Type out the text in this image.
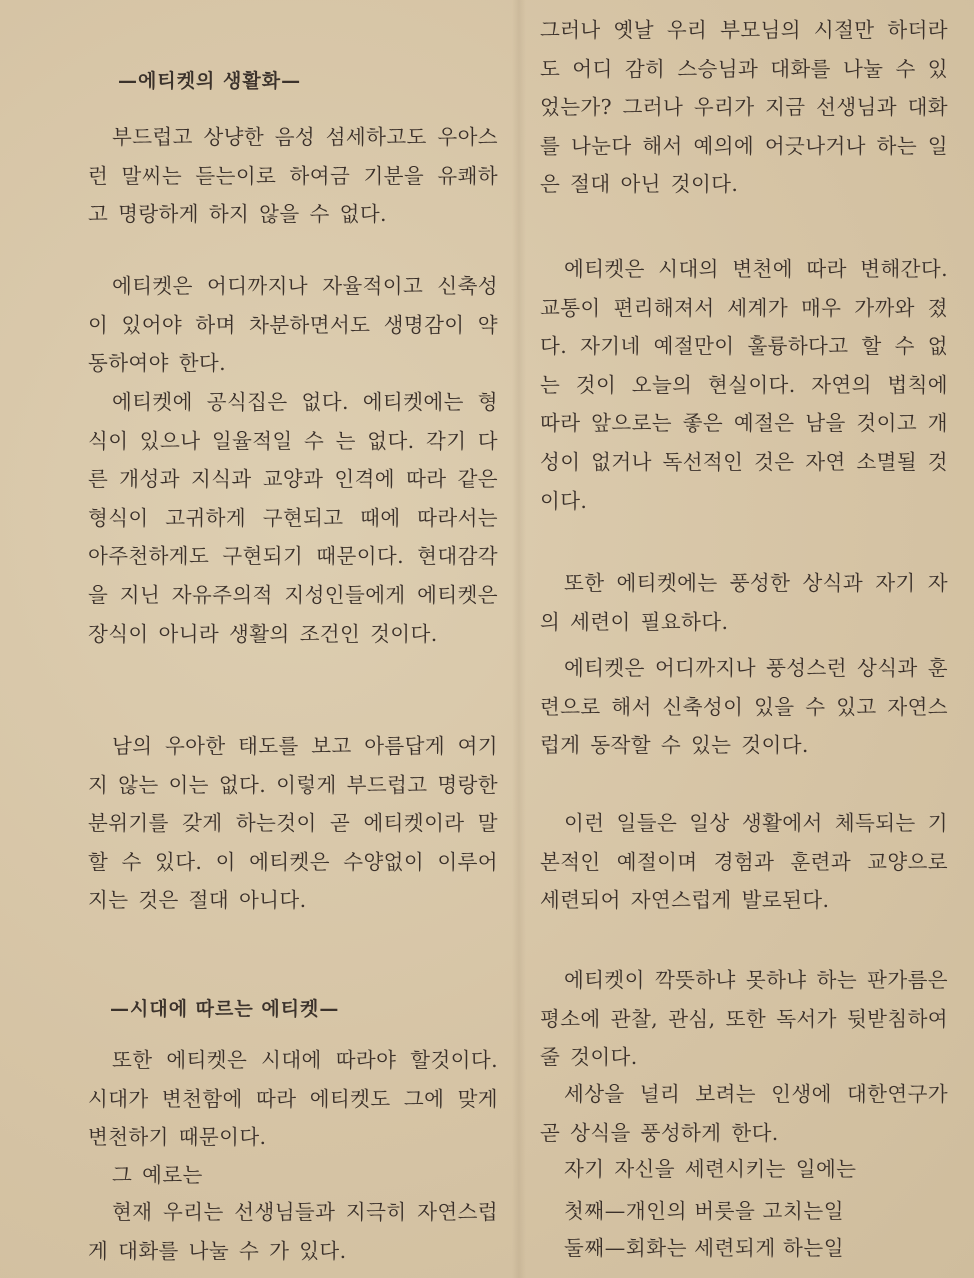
—에티켓의 생활화—

부드럽고 상냥한 음성 섬세하고도 우아스런 말씨는 듣는이로 하여금 기분을 유쾌하고 명랑하게 하지 않을 수 없다.

에티켓은 어디까지나 자율적이고 신축성이 있어야 하며 차분하면서도 생명감이 약동하여야 한다.

에티켓에 공식집은 없다. 에티켓에는 형식이 있으나 일율적일 수 는 없다. 각기 다른 개성과 지식과 교양과 인격에 따라 같은 형식이 고귀하게 구현되고 때에 따라서는 아주천하게도 구현되기 때문이다. 현대감각을 지닌 자유주의적 지성인들에게 에티켓은 장식이 아니라 생활의 조건인 것이다.

남의 우아한 태도를 보고 아름답게 여기지 않는 이는 없다. 이렇게 부드럽고 명랑한 분위기를 갖게 하는것이 곧 에티켓이라 말할 수 있다. 이 에티켓은 수양없이 이루어 지는 것은 절대 아니다.

—시대에 따르는 에티켓—

또한 에티켓은 시대에 따라야 할것이다. 시대가 변천함에 따라 에티켓도 그에 맞게 변천하기 때문이다.

그 예로는

현재 우리는 선생님들과 지극히 자연스럽게 대화를 나눌 수 가 있다.

그러나 옛날 우리 부모님의 시절만 하더라도 어디 감히 스승님과 대화를 나눌 수 있었는가? 그러나 우리가 지금 선생님과 대화를 나눈다 해서 예의에 어긋나거나 하는 일은 절대 아닌 것이다.

에티켓은 시대의 변천에 따라 변해간다. 교통이 편리해져서 세계가 매우 가까와 졌다. 자기네 예절만이 훌륭하다고 할 수 없는 것이 오늘의 현실이다. 자연의 법칙에 따라 앞으로는 좋은 예절은 남을 것이고 개성이 없거나 독선적인 것은 자연 소멸될 것이다.

또한 에티켓에는 풍성한 상식과 자기 자의 세련이 필요하다.

에티켓은 어디까지나 풍성스런 상식과 훈련으로 해서 신축성이 있을 수 있고 자연스럽게 동작할 수 있는 것이다.

이런 일들은 일상 생활에서 체득되는 기본적인 예절이며 경험과 훈련과 교양으로 세련되어 자연스럽게 발로된다.

에티켓이 깍뜻하냐 못하냐 하는 판가름은 평소에 관찰, 관심, 또한 독서가 뒷받침하여 줄 것이다.

세상을 널리 보려는 인생에 대한연구가 곧 상식을 풍성하게 한다.

자기 자신을 세련시키는 일에는

첫째—개인의 버릇을 고치는일

둘째—회화는 세련되게 하는일
